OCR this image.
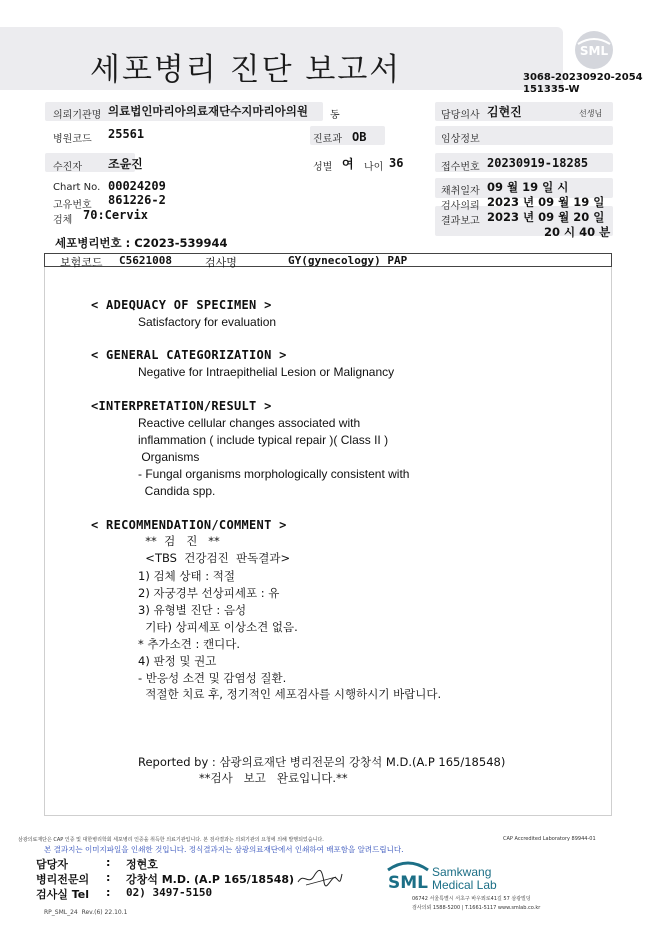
세포병리 진단 보고서
SML
3068-20230920-2054
151335-W
의뢰기관명 의료법인마리아의료재단수지마리아의원 동	담당의사 김현진	선생님
병원코드 25561	진료과 OB	임상정보
수진자 조윤진	성별 여 나이 36	접수번호 20230919-18285
Chart No. 00024209
고유번호 861226-2
검체 70:Cervix
채취일자 09 월 19 일 시
검사의뢰 2023 년 09 월 19 일
결과보고 2023 년 09 월 20 일
20 시 40 분
세포병리번호 : C2023-539944
보험코드 C5621008	검사명	GY(gynecology) PAP
< ADEQUACY OF SPECIMEN >
Satisfactory for evaluation
< GENERAL CATEGORIZATION >
Negative for Intraepithelial Lesion or Malignancy
<INTERPRETATION/RESULT >
Reactive cellular changes associated with
inflammation ( include typical repair )( Class II )
Organisms
- Fungal organisms morphologically consistent with
Candida spp.
< RECOMMENDATION/COMMENT >
**  검   진   **
<TBS  건강검진  판독결과>
1) 검체 상태 : 적절
2) 자궁경부 선상피세포 : 유
3) 유형별 진단 : 음성
기타) 상피세포 이상소견 없음.
* 추가소견 : 캔디다.
4) 판정 및 권고
- 반응성 소견 및 감염성 질환.
적절한 치료 후, 정기적인 세포검사를 시행하시기 바랍니다.
Reported by : 삼광의료재단 병리전문의 강창석 M.D.(A.P 165/18548)
**검사   보고   완료입니다.**
삼광의료재단은 CAP 인증 및 대한병리학회 세포병리 인증을 취득한 의료기관입니다. 본 검사결과는 의뢰기관의 요청에 의해 발행되었습니다.	CAP Accredited Laboratory 89944-01
본 결과지는 이미지파일을 인쇄한 것입니다. 정식결과지는 삼광의료재단에서 인쇄하여 배포함을 알려드립니다.
담당자	: 정현호
병리전문의 : 강창석 M.D. (A.P 165/18548)
검사실 Tel : 02) 3497-5150	SML
Samkwang
Medical Lab
06742 서울특별시 서초구 바우뫼로41길 57 삼광빌딩
검사의뢰 1588-5200 | T.1661-5117 www.smlab.co.kr
RP_SML_24  Rev.(6) 22.10.1
